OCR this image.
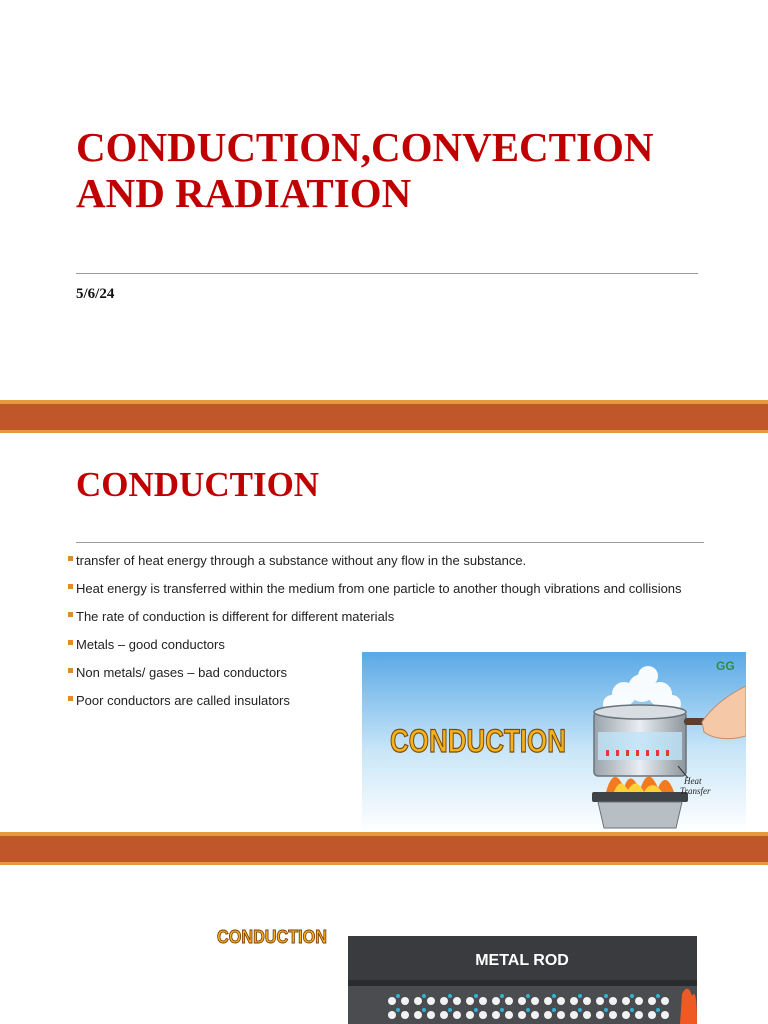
CONDUCTION,CONVECTION
AND RADIATION
5/6/24
CONDUCTION
transfer of heat energy through a substance without any flow in the substance.
Heat energy is transferred within the medium from one particle to another though vibrations and collisions
The rate of conduction is different for different materials
Metals – good conductors
Non metals/ gases – bad conductors
Poor conductors are called insulators
Heat
Transfer
GG
CONDUCTION
CONDUCTION
METAL ROD
